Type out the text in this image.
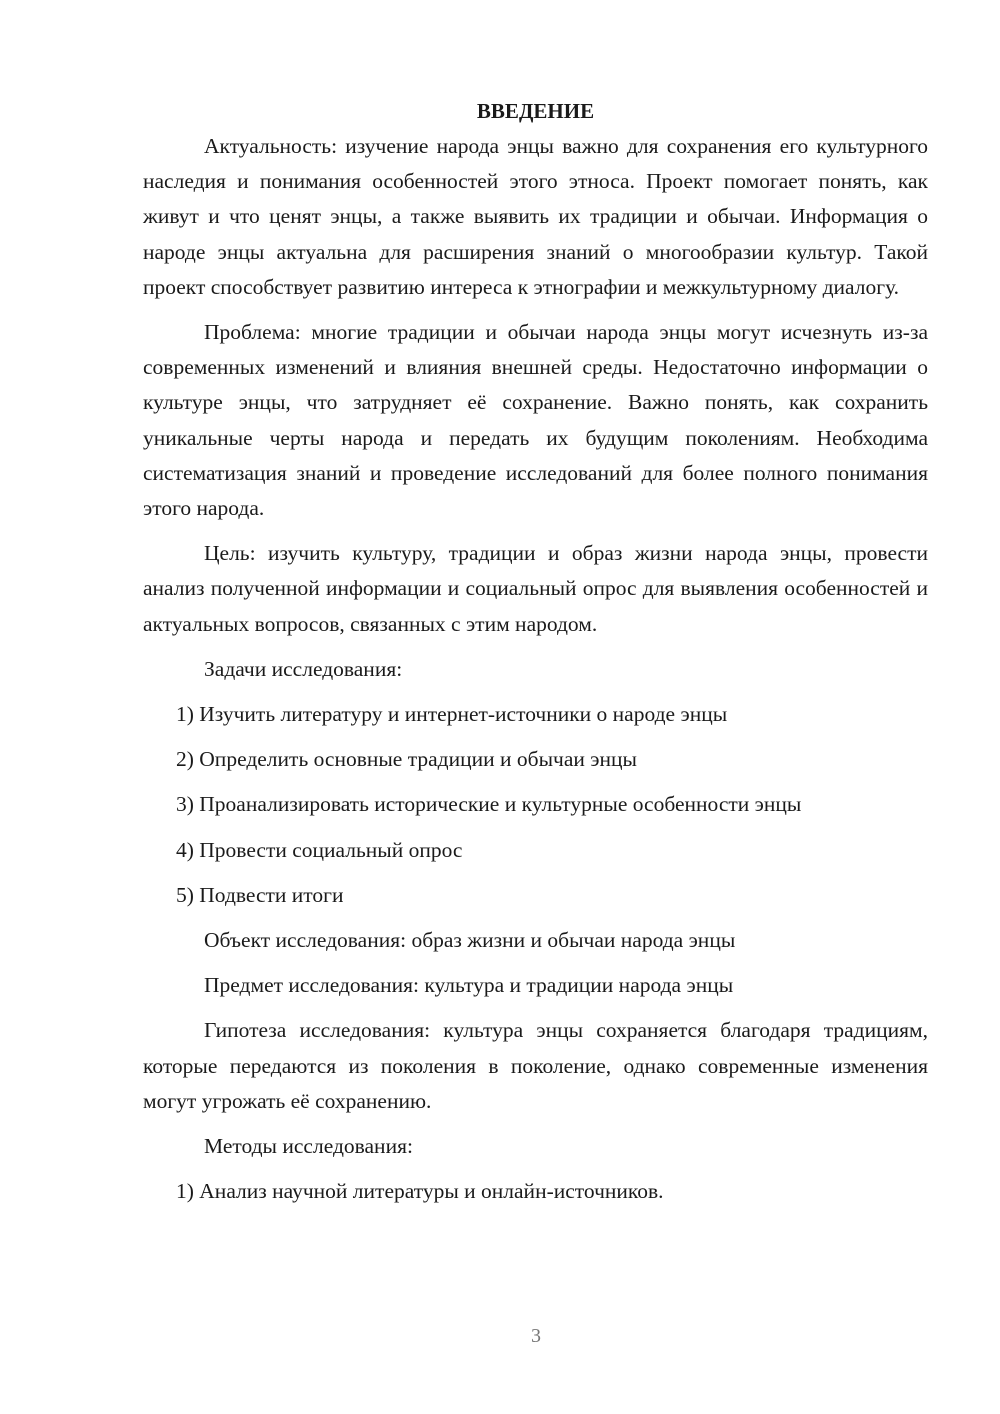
ВВЕДЕНИЕ

Актуальность: изучение народа энцы важно для сохранения его культурного наследия и понимания особенностей этого этноса. Проект помогает понять, как живут и что ценят энцы, а также выявить их традиции и обычаи. Информация о народе энцы актуальна для расширения знаний о многообразии культур. Такой проект способствует развитию интереса к этнографии и межкультурному диалогу.

Проблема: многие традиции и обычаи народа энцы могут исчезнуть из-за современных изменений и влияния внешней среды. Недостаточно информации о культуре энцы, что затрудняет её сохранение. Важно понять, как сохранить уникальные черты народа и передать их будущим поколениям. Необходима систематизация знаний и проведение исследований для более полного понимания этого народа.

Цель: изучить культуру, традиции и образ жизни народа энцы, провести анализ полученной информации и социальный опрос для выявления особенностей и актуальных вопросов, связанных с этим народом.

Задачи исследования:
1) Изучить литературу и интернет-источники о народе энцы
2) Определить основные традиции и обычаи энцы
3) Проанализировать исторические и культурные особенности энцы
4) Провести социальный опрос
5) Подвести итоги
Объект исследования: образ жизни и обычаи народа энцы
Предмет исследования: культура и традиции народа энцы

Гипотеза исследования: культура энцы сохраняется благодаря традициям, которые передаются из поколения в поколение, однако современные изменения могут угрожать её сохранению.

Методы исследования:
1) Анализ научной литературы и онлайн-источников.
3
